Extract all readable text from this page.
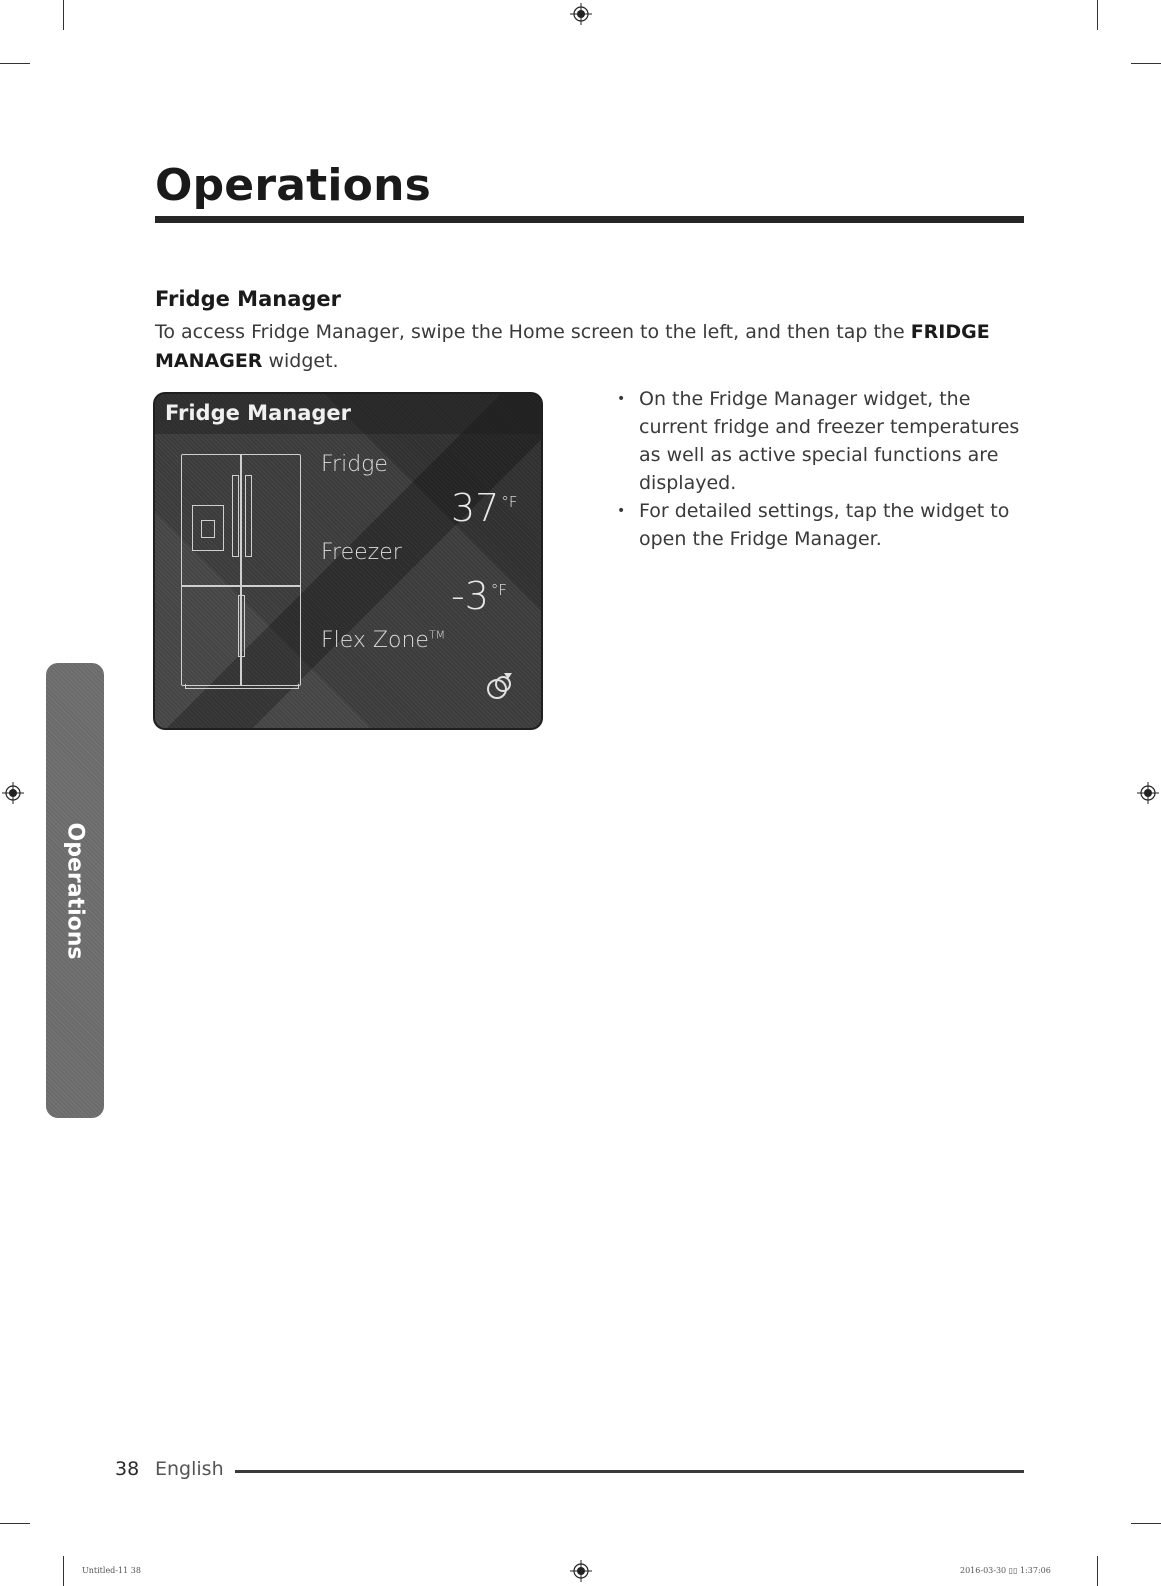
Operations
Fridge Manager

To access Fridge Manager, swipe the Home screen to the left, and then tap the FRIDGE MANAGER widget.

Fridge Manager
Fridge
37 $^{^\circ F}$
Freezer
-3 $^{^\circ F}$
Flex Zone™
• On the Fridge Manager widget, the current fridge and freezer temperatures as well as active special functions are displayed.
• For detailed settings, tap the widget to open the Fridge Manager.
Operations
38 English
Untitled-11 38	2016-03-30 ▯▯ 1:37:06
